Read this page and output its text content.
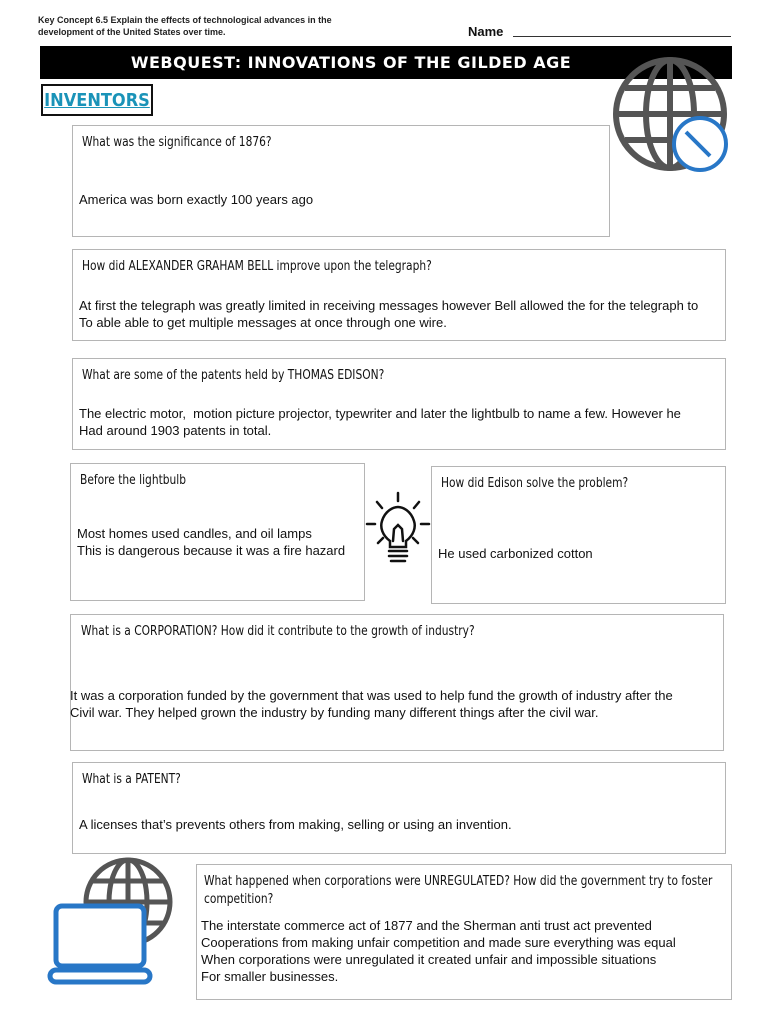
Key Concept 6.5 Explain the effects of technological advances in the development of the United States over time.	Name
WEBQUEST: INNOVATIONS OF THE GILDED AGE
INVENTORS
What was the significance of 1876?
America was born exactly 100 years ago
How did ALEXANDER GRAHAM BELL improve upon the telegraph?
At first the telegraph was greatly limited in receiving messages however Bell allowed the for the telegraph to
To able able to get multiple messages at once through one wire.
What are some of the patents held by THOMAS EDISON?
The electric motor,  motion picture projector, typewriter and later the lightbulb to name a few. However he
Had around 1903 patents in total.
Before the lightbulb
Most homes used candles, and oil lamps
This is dangerous because it was a fire hazard
How did Edison solve the problem?
He used carbonized cotton
What is a CORPORATION? How did it contribute to the growth of industry?
It was a corporation funded by the government that was used to help fund the growth of industry after the
Civil war. They helped grown the industry by funding many different things after the civil war.
What is a PATENT?
A licenses that’s prevents others from making, selling or using an invention.
What happened when corporations were UNREGULATED? How did the government try to foster
competition?
The interstate commerce act of 1877 and the Sherman anti trust act prevented
Cooperations from making unfair competition and made sure everything was equal
When corporations were unregulated it created unfair and impossible situations
For smaller businesses.
